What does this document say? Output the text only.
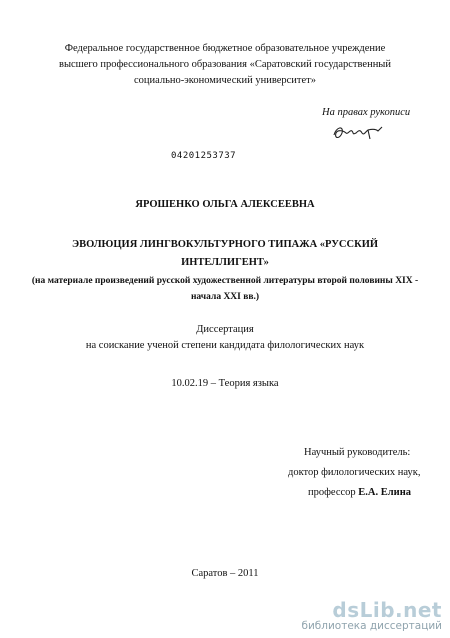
Федеральное государственное бюджетное образовательное учреждение
высшего профессионального образования «Саратовский государственный
социально-экономический университет»
На правах рукописи
04201253737
ЯРОШЕНКО ОЛЬГА АЛЕКСЕЕВНА
ЭВОЛЮЦИЯ ЛИНГВОКУЛЬТУРНОГО ТИПАЖА «РУССКИЙ
ИНТЕЛЛИГЕНТ»
(на материале произведений русской художественной литературы второй половины XIX -
начала XXI вв.)
Диссертация
на соискание ученой степени кандидата филологических наук
10.02.19 – Теория языка
Научный руководитель:
доктор филологических наук,
профессор Е.А. Елина
Саратов – 2011
dsLib.net
библиотека диссертаций
